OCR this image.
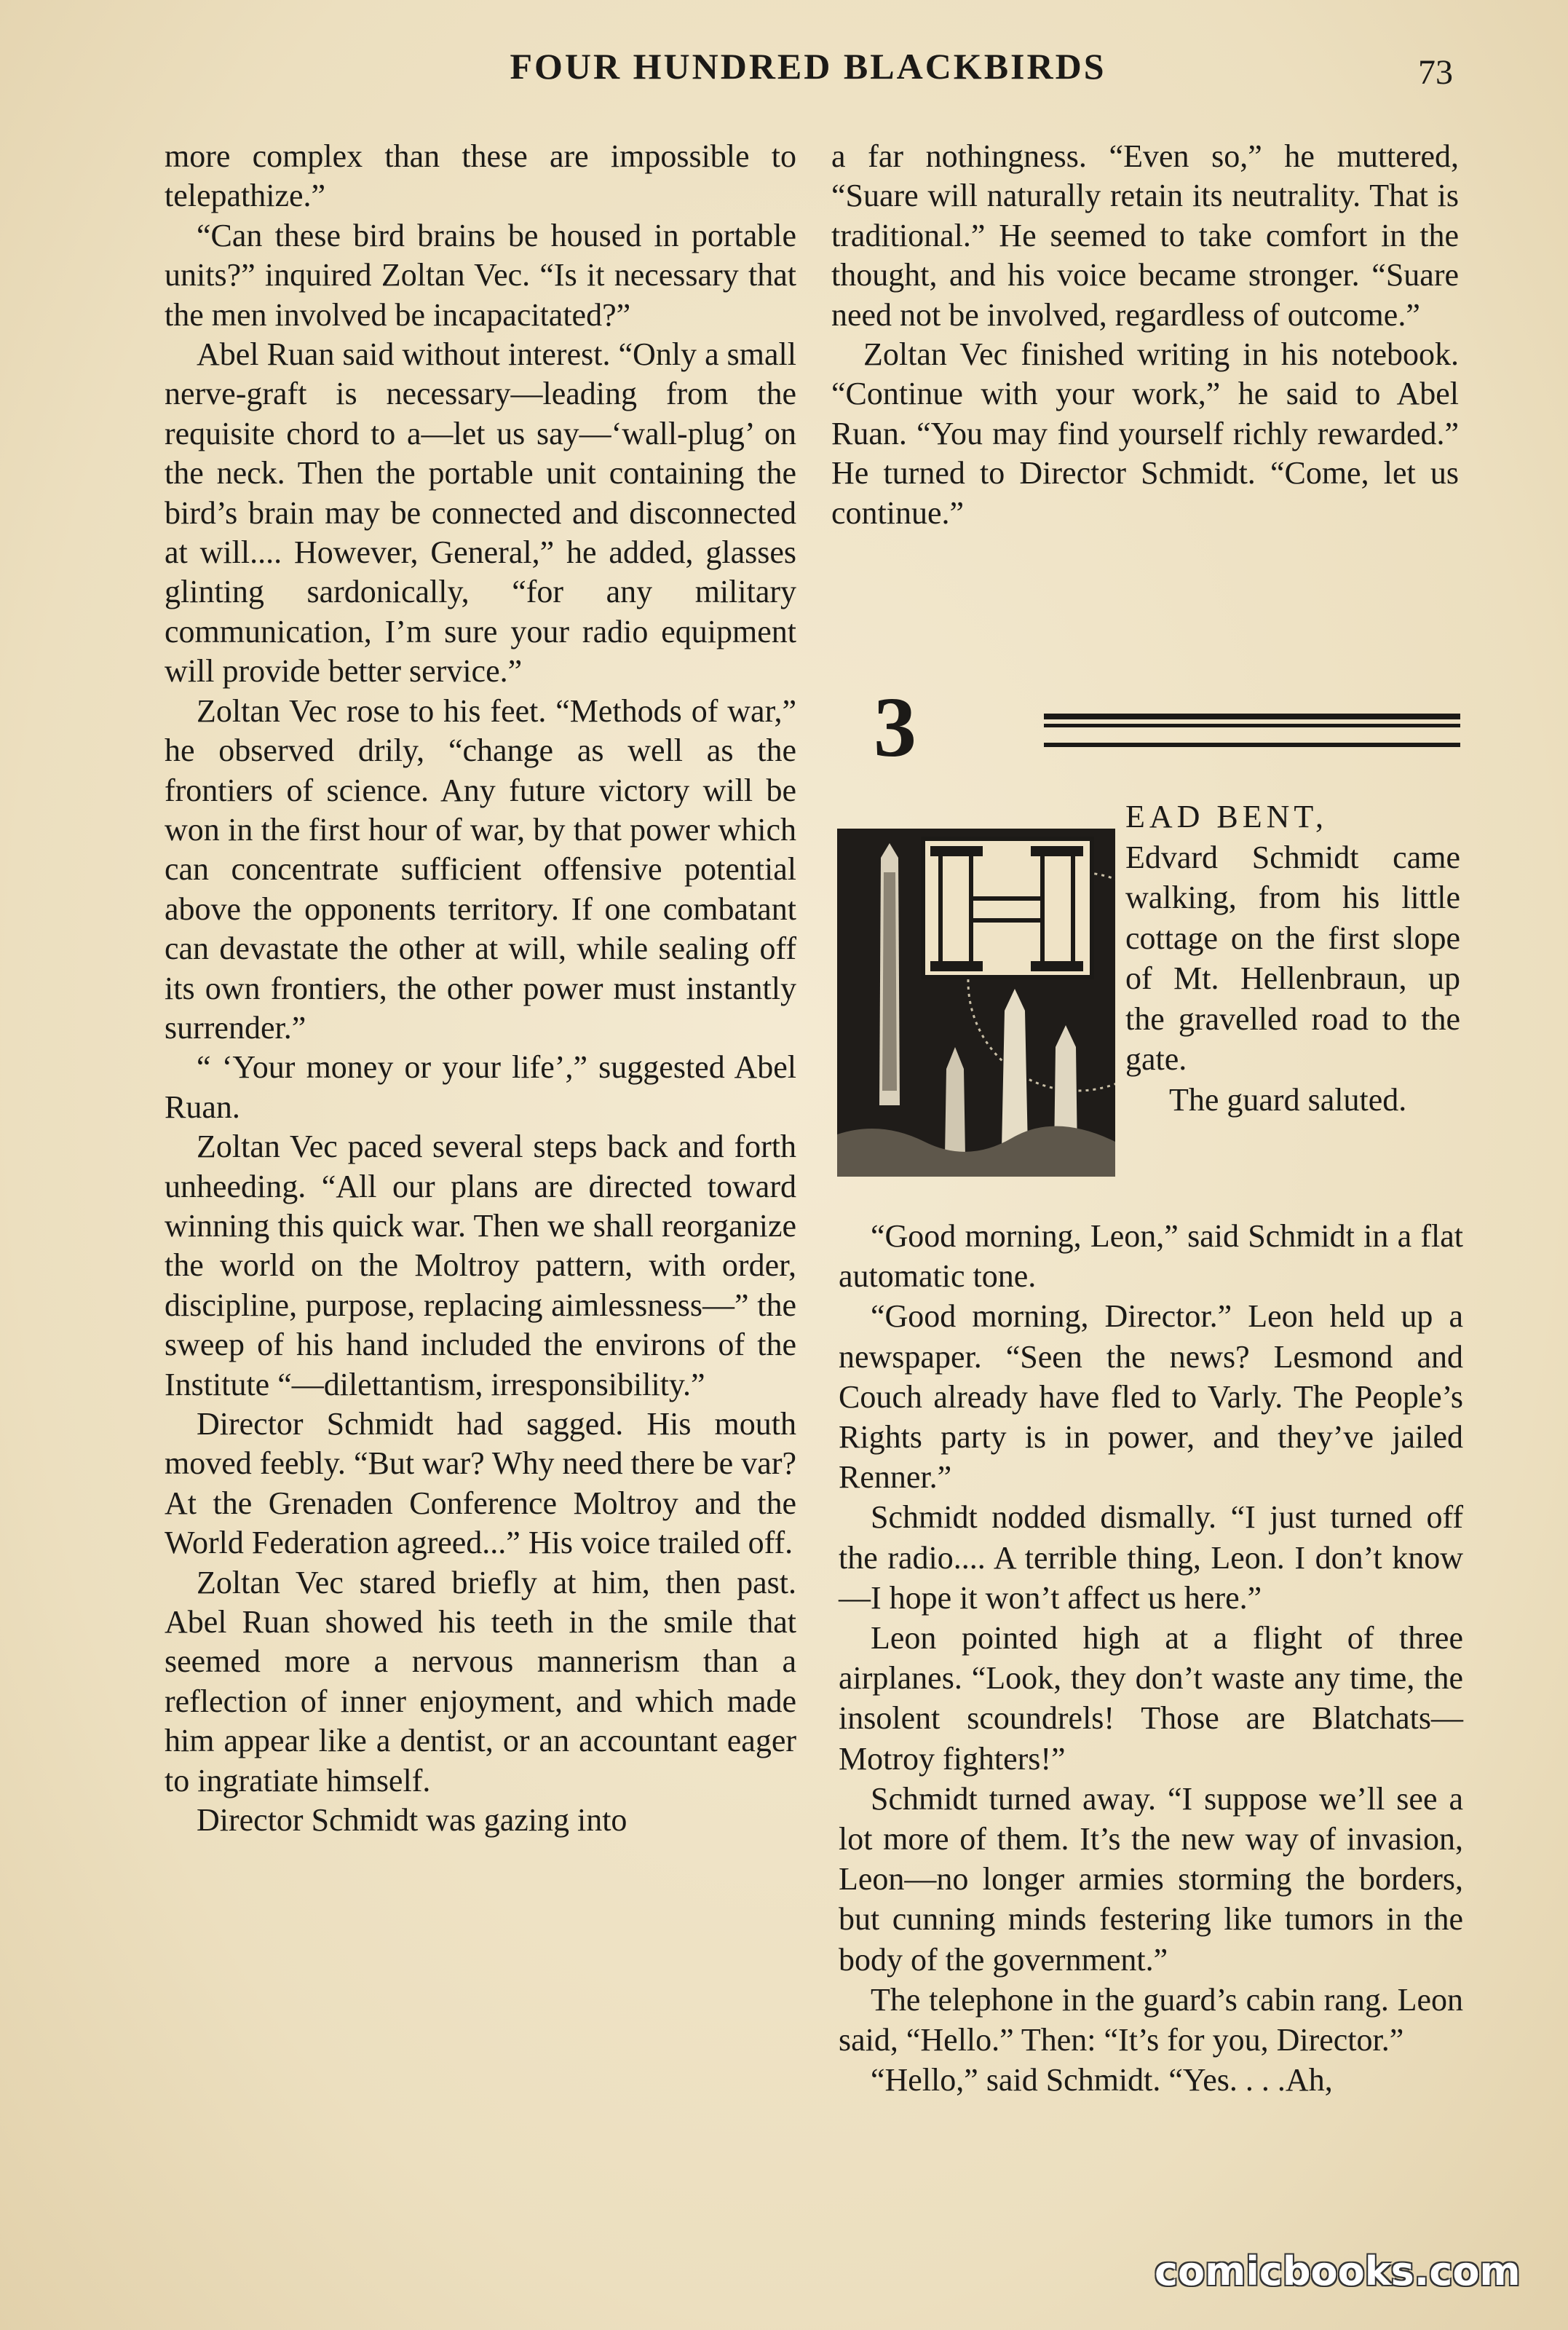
FOUR HUNDRED BLACKBIRDS	73

more complex than these are impossible to telepathize.”

“Can these bird brains be housed in portable units?” inquired Zoltan Vec. “Is it necessary that the men involved be incapacitated?”

Abel Ruan said without interest. “Only a small nerve-graft is necessary—leading from the requisite chord to a—let us say—‘wall-plug’ on the neck. Then the portable unit containing the bird’s brain may be connected and disconnected at will.... However, General,” he added, glasses glinting sardonically, “for any military communication, I’m sure your radio equipment will provide better service.”

Zoltan Vec rose to his feet. “Methods of war,” he observed drily, “change as well as the frontiers of science. Any future victory will be won in the first hour of war, by that power which can concentrate sufficient offensive potential above the opponents territory. If one combatant can devastate the other at will, while sealing off its own frontiers, the other power must instantly surrender.”

“ ‘Your money or your life’,” suggested Abel Ruan.

Zoltan Vec paced several steps back and forth unheeding. “All our plans are directed toward winning this quick war. Then we shall reorganize the world on the Moltroy pattern, with order, discipline, purpose, replacing aimlessness—” the sweep of his hand included the environs of the Institute “—dilettantism, irresponsibility.”

Director Schmidt had sagged. His mouth moved feebly. “But war? Why need there be var? At the Grenaden Conference Moltroy and the World Federation agreed...” His voice trailed off.

Zoltan Vec stared briefly at him, then past. Abel Ruan showed his teeth in the smile that seemed more a nervous mannerism than a reflection of inner enjoyment, and which made him appear like a dentist, or an accountant eager to ingratiate himself.

Director Schmidt was gazing into

a far nothingness. “Even so,” he muttered, “Suare will naturally retain its neutrality. That is traditional.” He seemed to take comfort in the thought, and his voice became stronger. “Suare need not be involved, regardless of outcome.”

Zoltan Vec finished writing in his notebook. “Continue with your work,” he said to Abel Ruan. “You may find yourself richly rewarded.” He turned to Director Schmidt. “Come, let us continue.”

3

EAD BENT,

Edvard Schmidt came walking, from his little cottage on the first slope of Mt. Hellenbraun, up the gravelled road to the gate.

The guard saluted.

“Good morning, Leon,” said Schmidt in a flat automatic tone.

“Good morning, Director.” Leon held up a newspaper. “Seen the news? Lesmond and Couch already have fled to Varly. The People’s Rights party is in power, and they’ve jailed Renner.”

Schmidt nodded dismally. “I just turned off the radio.... A terrible thing, Leon. I don’t know—I hope it won’t affect us here.”

Leon pointed high at a flight of three airplanes. “Look, they don’t waste any time, the insolent scoundrels! Those are Blatchats—Motroy fighters!”

Schmidt turned away. “I suppose we’ll see a lot more of them. It’s the new way of invasion, Leon—no longer armies storming the borders, but cunning minds festering like tumors in the body of the government.”

The telephone in the guard’s cabin rang. Leon said, “Hello.” Then: “It’s for you, Director.”

“Hello,” said Schmidt. “Yes. . . .Ah,

comicbooks.com
